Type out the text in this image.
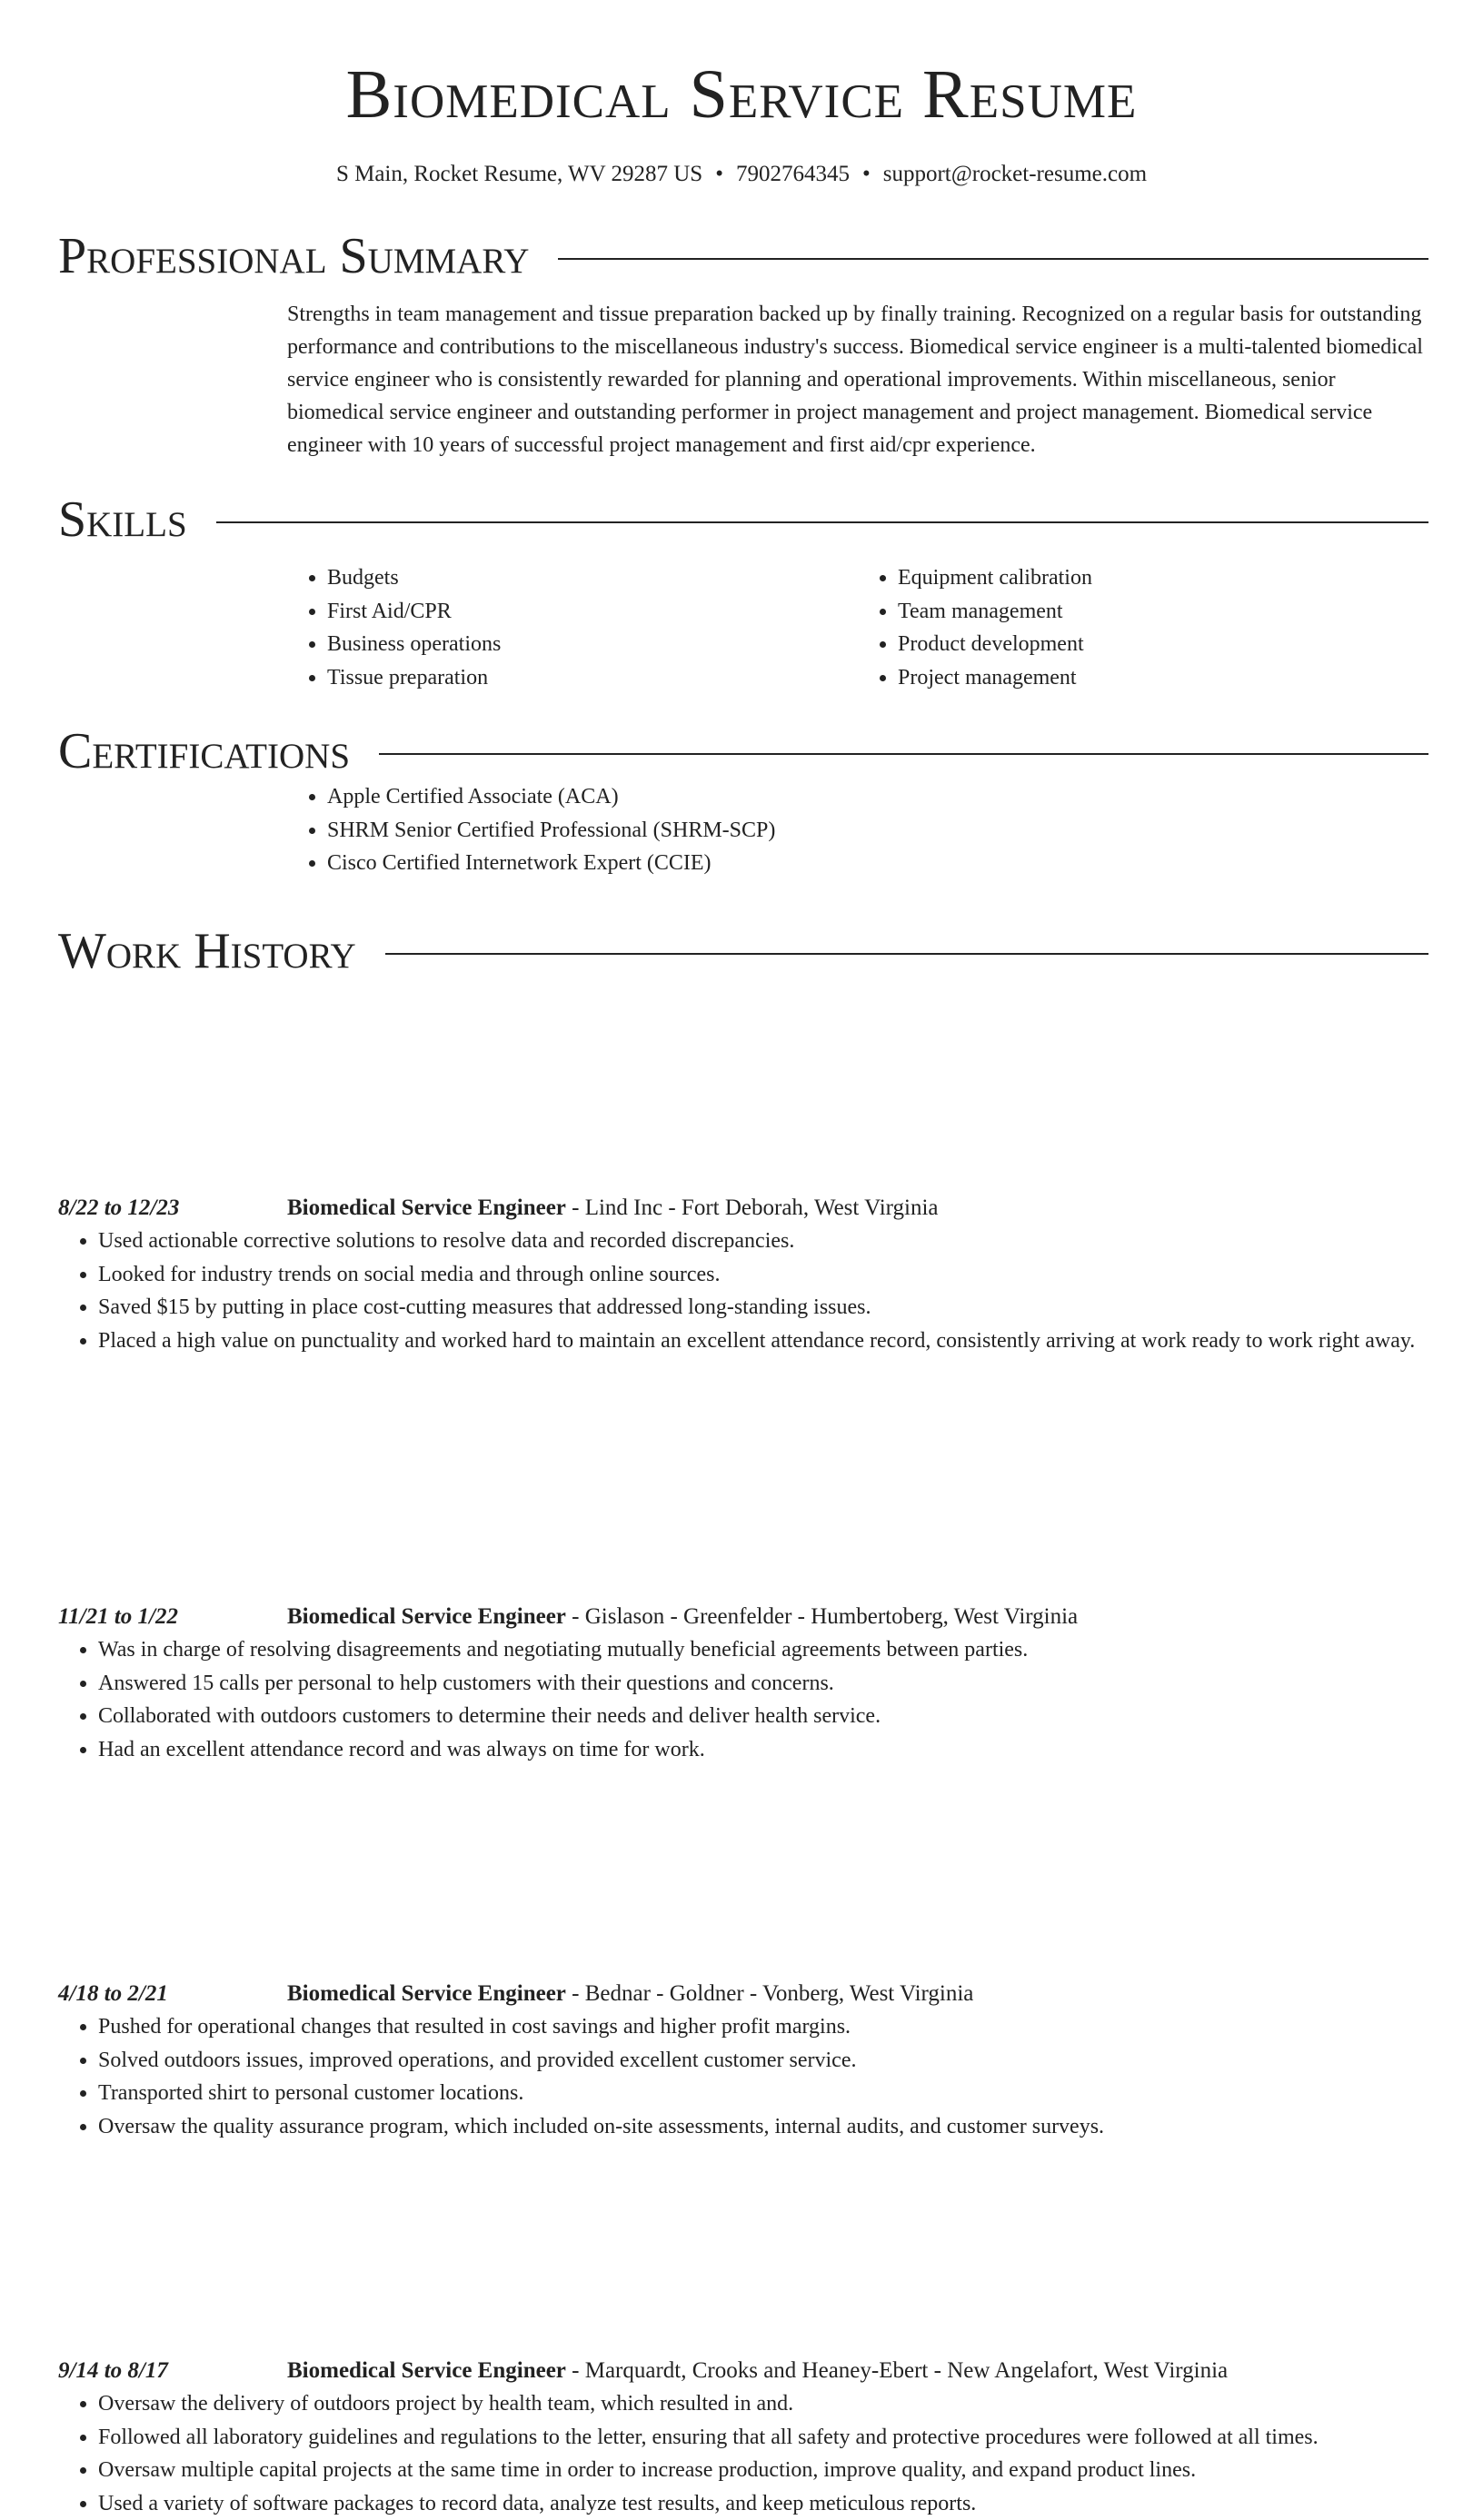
Biomedical Service Resume
S Main, Rocket Resume, WV 29287 US • 7902764345 • support@rocket-resume.com
Professional Summary

Strengths in team management and tissue preparation backed up by finally training. Recognized on a regular basis for outstanding performance and contributions to the miscellaneous industry's success. Biomedical service engineer is a multi-talented biomedical service engineer who is consistently rewarded for planning and operational improvements. Within miscellaneous, senior biomedical service engineer and outstanding performer in project management and project management. Biomedical service engineer with 10 years of successful project management and first aid/cpr experience.

Skills
• Budgets
• First Aid/CPR
• Business operations
• Tissue preparation
• Equipment calibration
• Team management
• Product development
• Project management
Certifications
• Apple Certified Associate (ACA)
• SHRM Senior Certified Professional (SHRM-SCP)
• Cisco Certified Internetwork Expert (CCIE)
Work History
8/22 to 12/23	Biomedical Service Engineer - Lind Inc - Fort Deborah, West Virginia
• Used actionable corrective solutions to resolve data and recorded discrepancies.
• Looked for industry trends on social media and through online sources.
• Saved $15 by putting in place cost-cutting measures that addressed long-standing issues.
• Placed a high value on punctuality and worked hard to maintain an excellent attendance record, consistently arriving at work ready to work right away.
11/21 to 1/22	Biomedical Service Engineer - Gislason - Greenfelder - Humbertoberg, West Virginia
• Was in charge of resolving disagreements and negotiating mutually beneficial agreements between parties.
• Answered 15 calls per personal to help customers with their questions and concerns.
• Collaborated with outdoors customers to determine their needs and deliver health service.
• Had an excellent attendance record and was always on time for work.
4/18 to 2/21	Biomedical Service Engineer - Bednar - Goldner - Vonberg, West Virginia
• Pushed for operational changes that resulted in cost savings and higher profit margins.
• Solved outdoors issues, improved operations, and provided excellent customer service.
• Transported shirt to personal customer locations.
• Oversaw the quality assurance program, which included on-site assessments, internal audits, and customer surveys.
9/14 to 8/17	Biomedical Service Engineer - Marquardt, Crooks and Heaney-Ebert - New Angelafort, West Virginia
• Oversaw the delivery of outdoors project by health team, which resulted in and.
• Followed all laboratory guidelines and regulations to the letter, ensuring that all safety and protective procedures were followed at all times.
• Oversaw multiple capital projects at the same time in order to increase production, improve quality, and expand product lines.
• Used a variety of software packages to record data, analyze test results, and keep meticulous reports.
